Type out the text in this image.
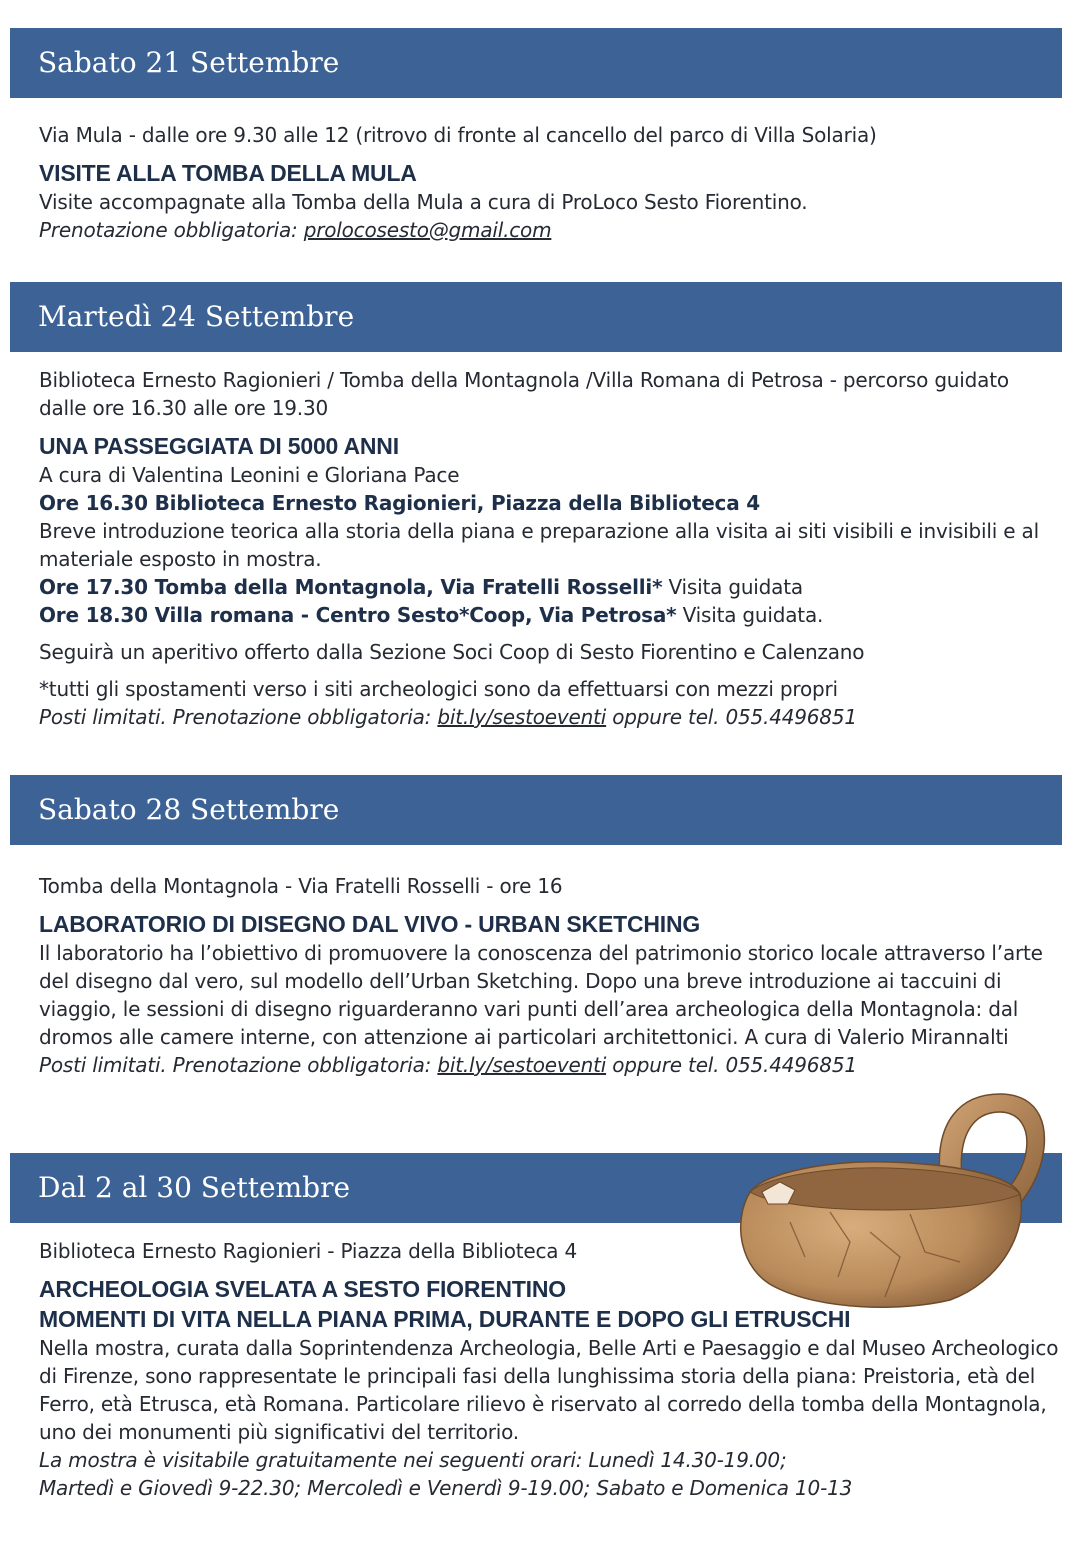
Sabato 21 Settembre

Via Mula - dalle ore 9.30 alle 12 (ritrovo di fronte al cancello del parco di Villa Solaria)

VISITE ALLA TOMBA DELLA MULA

Visite accompagnate alla Tomba della Mula a cura di ProLoco Sesto Fiorentino.

Prenotazione obbligatoria: prolocosesto@gmail.com

Martedì 24 Settembre

Biblioteca Ernesto Ragionieri / Tomba della Montagnola /Villa Romana di Petrosa - percorso guidato dalle ore 16.30 alle ore 19.30

UNA PASSEGGIATA DI 5000 ANNI

A cura di Valentina Leonini e Gloriana Pace

Ore 16.30 Biblioteca Ernesto Ragionieri, Piazza della Biblioteca 4

Breve introduzione teorica alla storia della piana e preparazione alla visita ai siti visibili e invisibili e al materiale esposto in mostra.

Ore 17.30 Tomba della Montagnola, Via Fratelli Rosselli* Visita guidata

Ore 18.30 Villa romana - Centro Sesto*Coop, Via Petrosa* Visita guidata.

Seguirà un aperitivo offerto dalla Sezione Soci Coop di Sesto Fiorentino e Calenzano

*tutti gli spostamenti verso i siti archeologici sono da effettuarsi con mezzi propri

Posti limitati. Prenotazione obbligatoria: bit.ly/sestoeventi oppure tel. 055.4496851

Sabato 28 Settembre

Tomba della Montagnola - Via Fratelli Rosselli - ore 16

LABORATORIO DI DISEGNO DAL VIVO - URBAN SKETCHING

Il laboratorio ha l’obiettivo di promuovere la conoscenza del patrimonio storico locale attraverso l’arte del disegno dal vero, sul modello dell’Urban Sketching. Dopo una breve introduzione ai taccuini di viaggio, le sessioni di disegno riguarderanno vari punti dell’area archeologica della Montagnola: dal dromos alle camere interne, con attenzione ai particolari architettonici. A cura di Valerio Mirannalti

Posti limitati. Prenotazione obbligatoria: bit.ly/sestoeventi oppure tel. 055.4496851

Dal 2 al 30 Settembre

Biblioteca Ernesto Ragionieri - Piazza della Biblioteca 4

ARCHEOLOGIA SVELATA A SESTO FIORENTINO

MOMENTI DI VITA NELLA PIANA PRIMA, DURANTE E DOPO GLI ETRUSCHI

Nella mostra, curata dalla Soprintendenza Archeologia, Belle Arti e Paesaggio e dal Museo Archeologico di Firenze, sono rappresentate le principali fasi della lunghissima storia della piana: Preistoria, età del Ferro, età Etrusca, età Romana. Particolare rilievo è riservato al corredo della tomba della Montagnola, uno dei monumenti più significativi del territorio.

La mostra è visitabile gratuitamente nei seguenti orari: Lunedì 14.30-19.00;

Martedì e Giovedì 9-22.30; Mercoledì e Venerdì 9-19.00; Sabato e Domenica 10-13
